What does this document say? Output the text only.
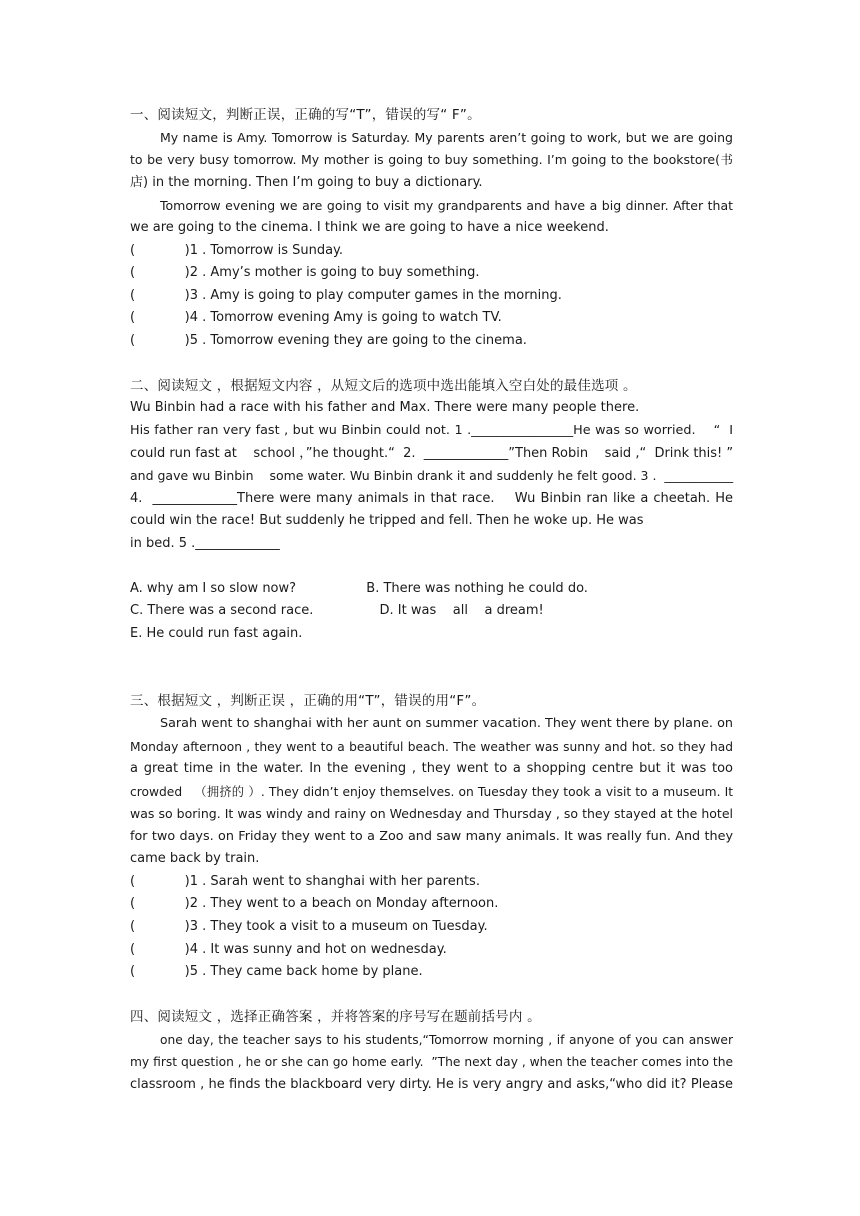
一、阅读短文，判断正误，正确的写“T”，错误的写“ F”。
My name is Amy. Tomorrow is Saturday. My parents aren’t going to work, but we are going
to be very busy tomorrow. My mother is going to buy something. I’m going to the bookstore(书
店) in the morning. Then I’m going to buy a dictionary.
Tomorrow evening we are going to visit my grandparents and have a big dinner. After that
we are going to the cinema. I think we are going to have a nice weekend.
(            )1 . Tomorrow is Sunday.
(            )2 . Amy’s mother is going to buy something.
(            )3 . Amy is going to play computer games in the morning.
(            )4 . Tomorrow evening Amy is going to watch TV.
(            )5 . Tomorrow evening they are going to the cinema.
二、阅读短文 ，根据短文内容 ，从短文后的选项中选出能填入空白处的最佳选项 。
Wu Binbin had a race with his father and Max. There were many people there.
His father ran very fast , but wu Binbin could not. 1 .________________He was so worried.    “  I
could run fast at    school ，”he thought.“  2.  _____________”Then Robin    said ,“  Drink this! ”
and gave wu Binbin    some water. Wu Binbin drank it and suddenly he felt good. 3 .  ___________
4.  _____________There were many animals in that race.    Wu Binbin ran like a cheetah. He
could win the race! But suddenly he tripped and fell. Then he woke up. He was
in bed. 5 ._____________
A. why am I so slow now?                 B. There was nothing he could do.
C. There was a second race.                D. It was    all    a dream!
E. He could run fast again.
三、根据短文 ，判断正误 ，正确的用“T”，错误的用“F”。
Sarah went to shanghai with her aunt on summer vacation. They went there by plane. on
Monday afternoon , they went to a beautiful beach. The weather was sunny and hot. so they had
a great time in the water. In the evening , they went to a shopping centre but it was too
crowded   （拥挤的 ）. They didn’t enjoy themselves. on Tuesday they took a visit to a museum. It
was so boring. It was windy and rainy on Wednesday and Thursday , so they stayed at the hotel
for two days. on Friday they went to a Zoo and saw many animals. It was really fun. And they
came back by train.
(            )1 . Sarah went to shanghai with her parents.
(            )2 . They went to a beach on Monday afternoon.
(            )3 . They took a visit to a museum on Tuesday.
(            )4 . It was sunny and hot on wednesday.
(            )5 . They came back home by plane.
四、阅读短文 ，选择正确答案 ，并将答案的序号写在题前括号内 。
one day, the teacher says to his students,“Tomorrow morning , if anyone of you can answer
my first question , he or she can go home early.  ”The next day , when the teacher comes into the
classroom , he finds the blackboard very dirty. He is very angry and asks,“who did it? Please
